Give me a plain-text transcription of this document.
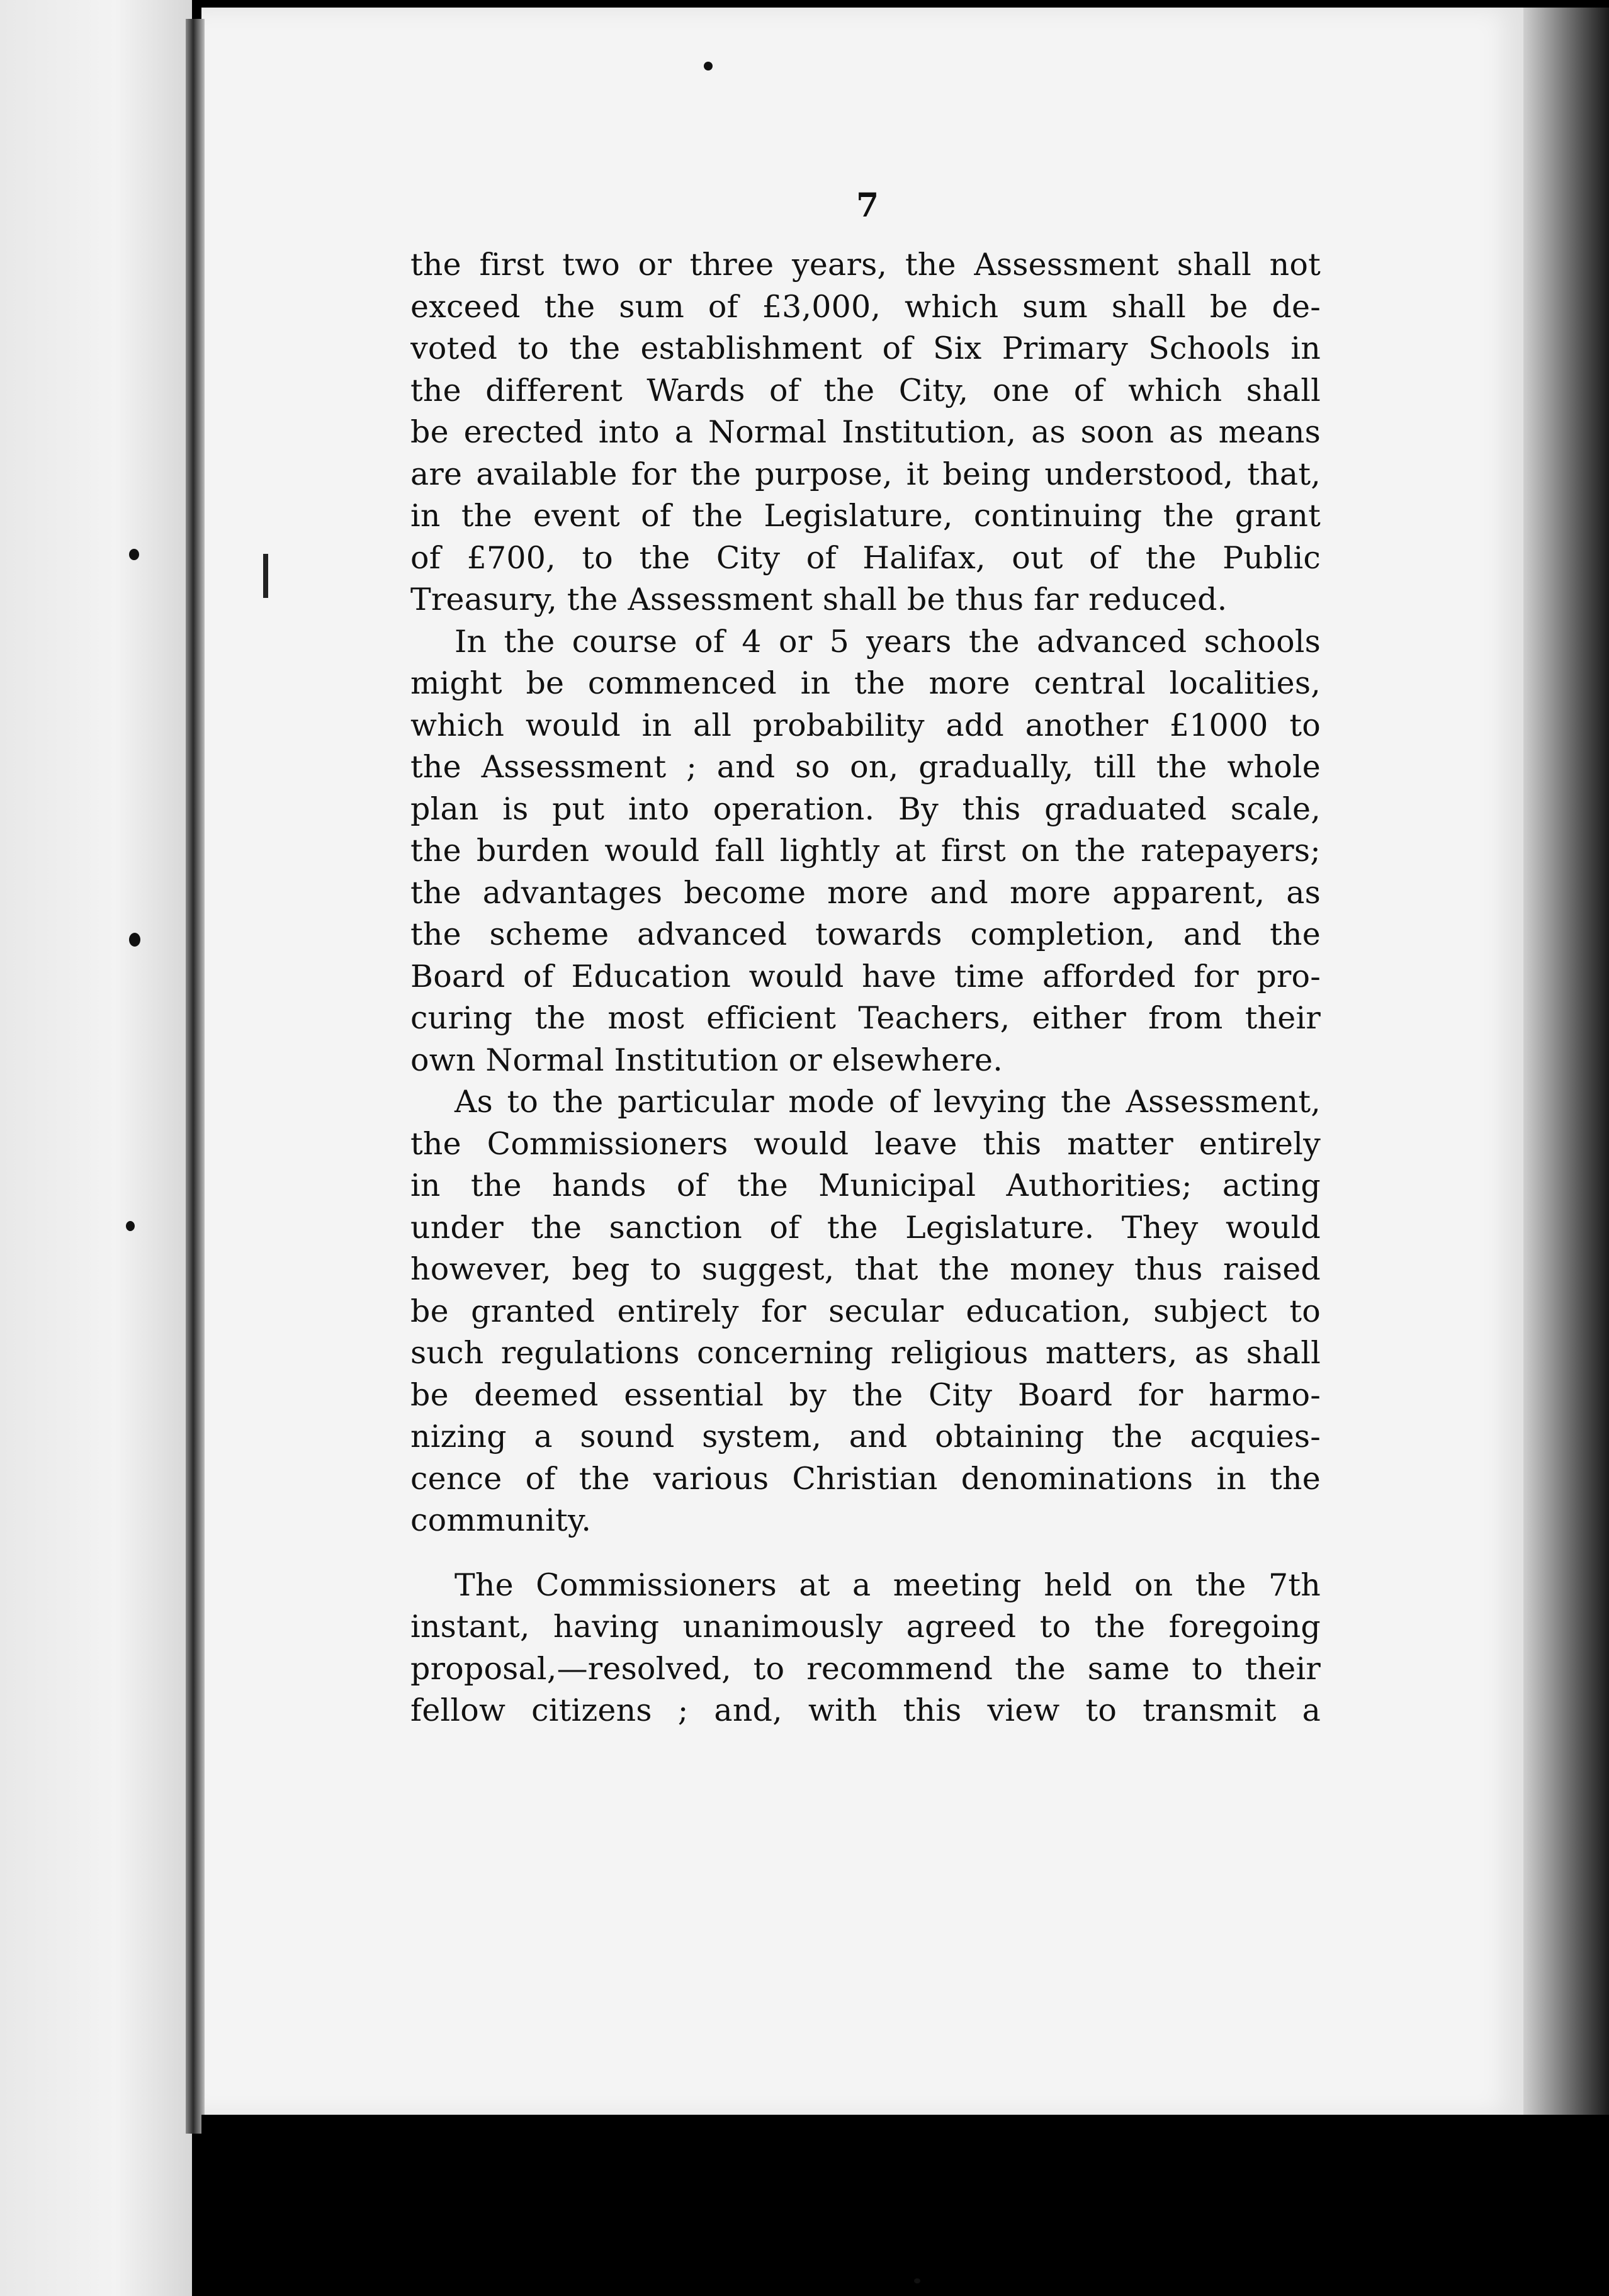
7
the first two or three years, the Assessment shall not
exceed the sum of £3,000, which sum shall be de-
voted to the establishment of Six Primary Schools in
the different Wards of the City, one of which shall
be erected into a Normal Institution, as soon as means
are available for the purpose, it being understood, that,
in the event of the Legislature, continuing the grant
of £700, to the City of Halifax, out of the Public
Treasury, the Assessment shall be thus far reduced.
In the course of 4 or 5 years the advanced schools
might be commenced in the more central localities,
which would in all probability add another £1000 to
the Assessment ; and so on, gradually, till the whole
plan is put into operation. By this graduated scale,
the burden would fall lightly at first on the ratepayers;
the advantages become more and more apparent, as
the scheme advanced towards completion, and the
Board of Education would have time afforded for pro-
curing the most efficient Teachers, either from their
own Normal Institution or elsewhere.
As to the particular mode of levying the Assessment,
the Commissioners would leave this matter entirely
in the hands of the Municipal Authorities; acting
under the sanction of the Legislature. They would
however, beg to suggest, that the money thus raised
be granted entirely for secular education, subject to
such regulations concerning religious matters, as shall
be deemed essential by the City Board for harmo-
nizing a sound system, and obtaining the acquies-
cence of the various Christian denominations in the
community.
The Commissioners at a meeting held on the 7th
instant, having unanimously agreed to the foregoing
proposal,—resolved, to recommend the same to their
fellow citizens ; and, with this view to transmit a
